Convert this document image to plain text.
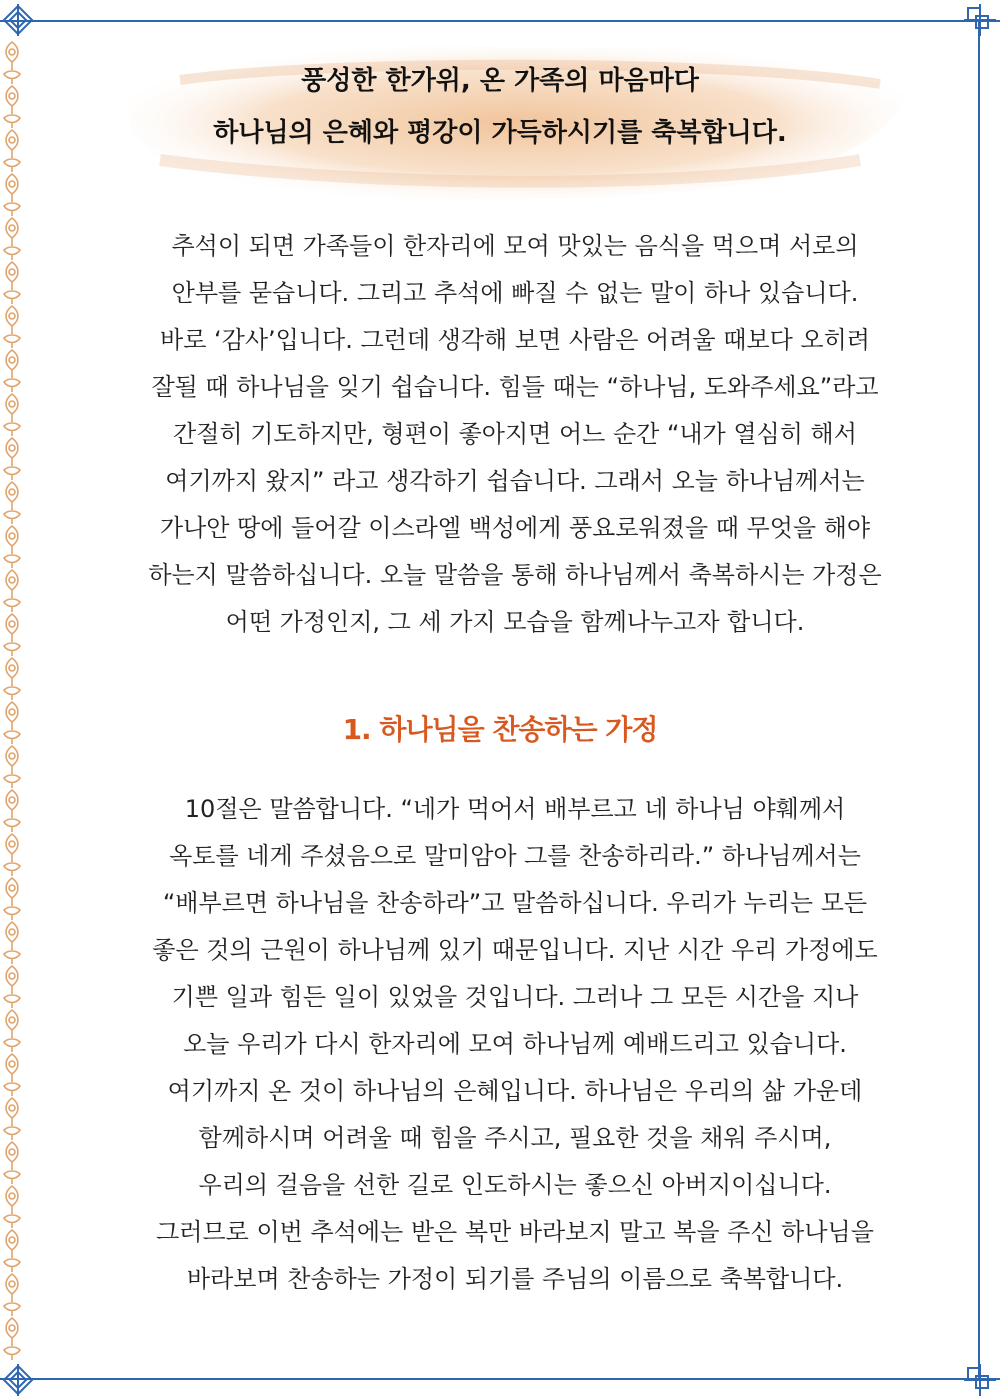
풍성한 한가위, 온 가족의 마음마다
하나님의 은혜와 평강이 가득하시기를 축복합니다.
추석이 되면 가족들이 한자리에 모여 맛있는 음식을 먹으며 서로의
안부를 묻습니다. 그리고 추석에 빠질 수 없는 말이 하나 있습니다.
바로 ‘감사’입니다. 그런데 생각해 보면 사람은 어려울 때보다 오히려
잘될 때 하나님을 잊기 쉽습니다. 힘들 때는 “하나님, 도와주세요”라고
간절히 기도하지만, 형편이 좋아지면 어느 순간 “내가 열심히 해서
여기까지 왔지” 라고 생각하기 쉽습니다. 그래서 오늘 하나님께서는
가나안 땅에 들어갈 이스라엘 백성에게 풍요로워졌을 때 무엇을 해야
하는지 말씀하십니다. 오늘 말씀을 통해 하나님께서 축복하시는 가정은
어떤 가정인지, 그 세 가지 모습을 함께나누고자 합니다.
1. 하나님을 찬송하는 가정
10절은 말씀합니다. “네가 먹어서 배부르고 네 하나님 야훼께서
옥토를 네게 주셨음으로 말미암아 그를 찬송하리라.” 하나님께서는
“배부르면 하나님을 찬송하라”고 말씀하십니다. 우리가 누리는 모든
좋은 것의 근원이 하나님께 있기 때문입니다. 지난 시간 우리 가정에도
기쁜 일과 힘든 일이 있었을 것입니다. 그러나 그 모든 시간을 지나
오늘 우리가 다시 한자리에 모여 하나님께 예배드리고 있습니다.
여기까지 온 것이 하나님의 은혜입니다. 하나님은 우리의 삶 가운데
함께하시며 어려울 때 힘을 주시고, 필요한 것을 채워 주시며,
우리의 걸음을 선한 길로 인도하시는 좋으신 아버지이십니다.
그러므로 이번 추석에는 받은 복만 바라보지 말고 복을 주신 하나님을
바라보며 찬송하는 가정이 되기를 주님의 이름으로 축복합니다.
